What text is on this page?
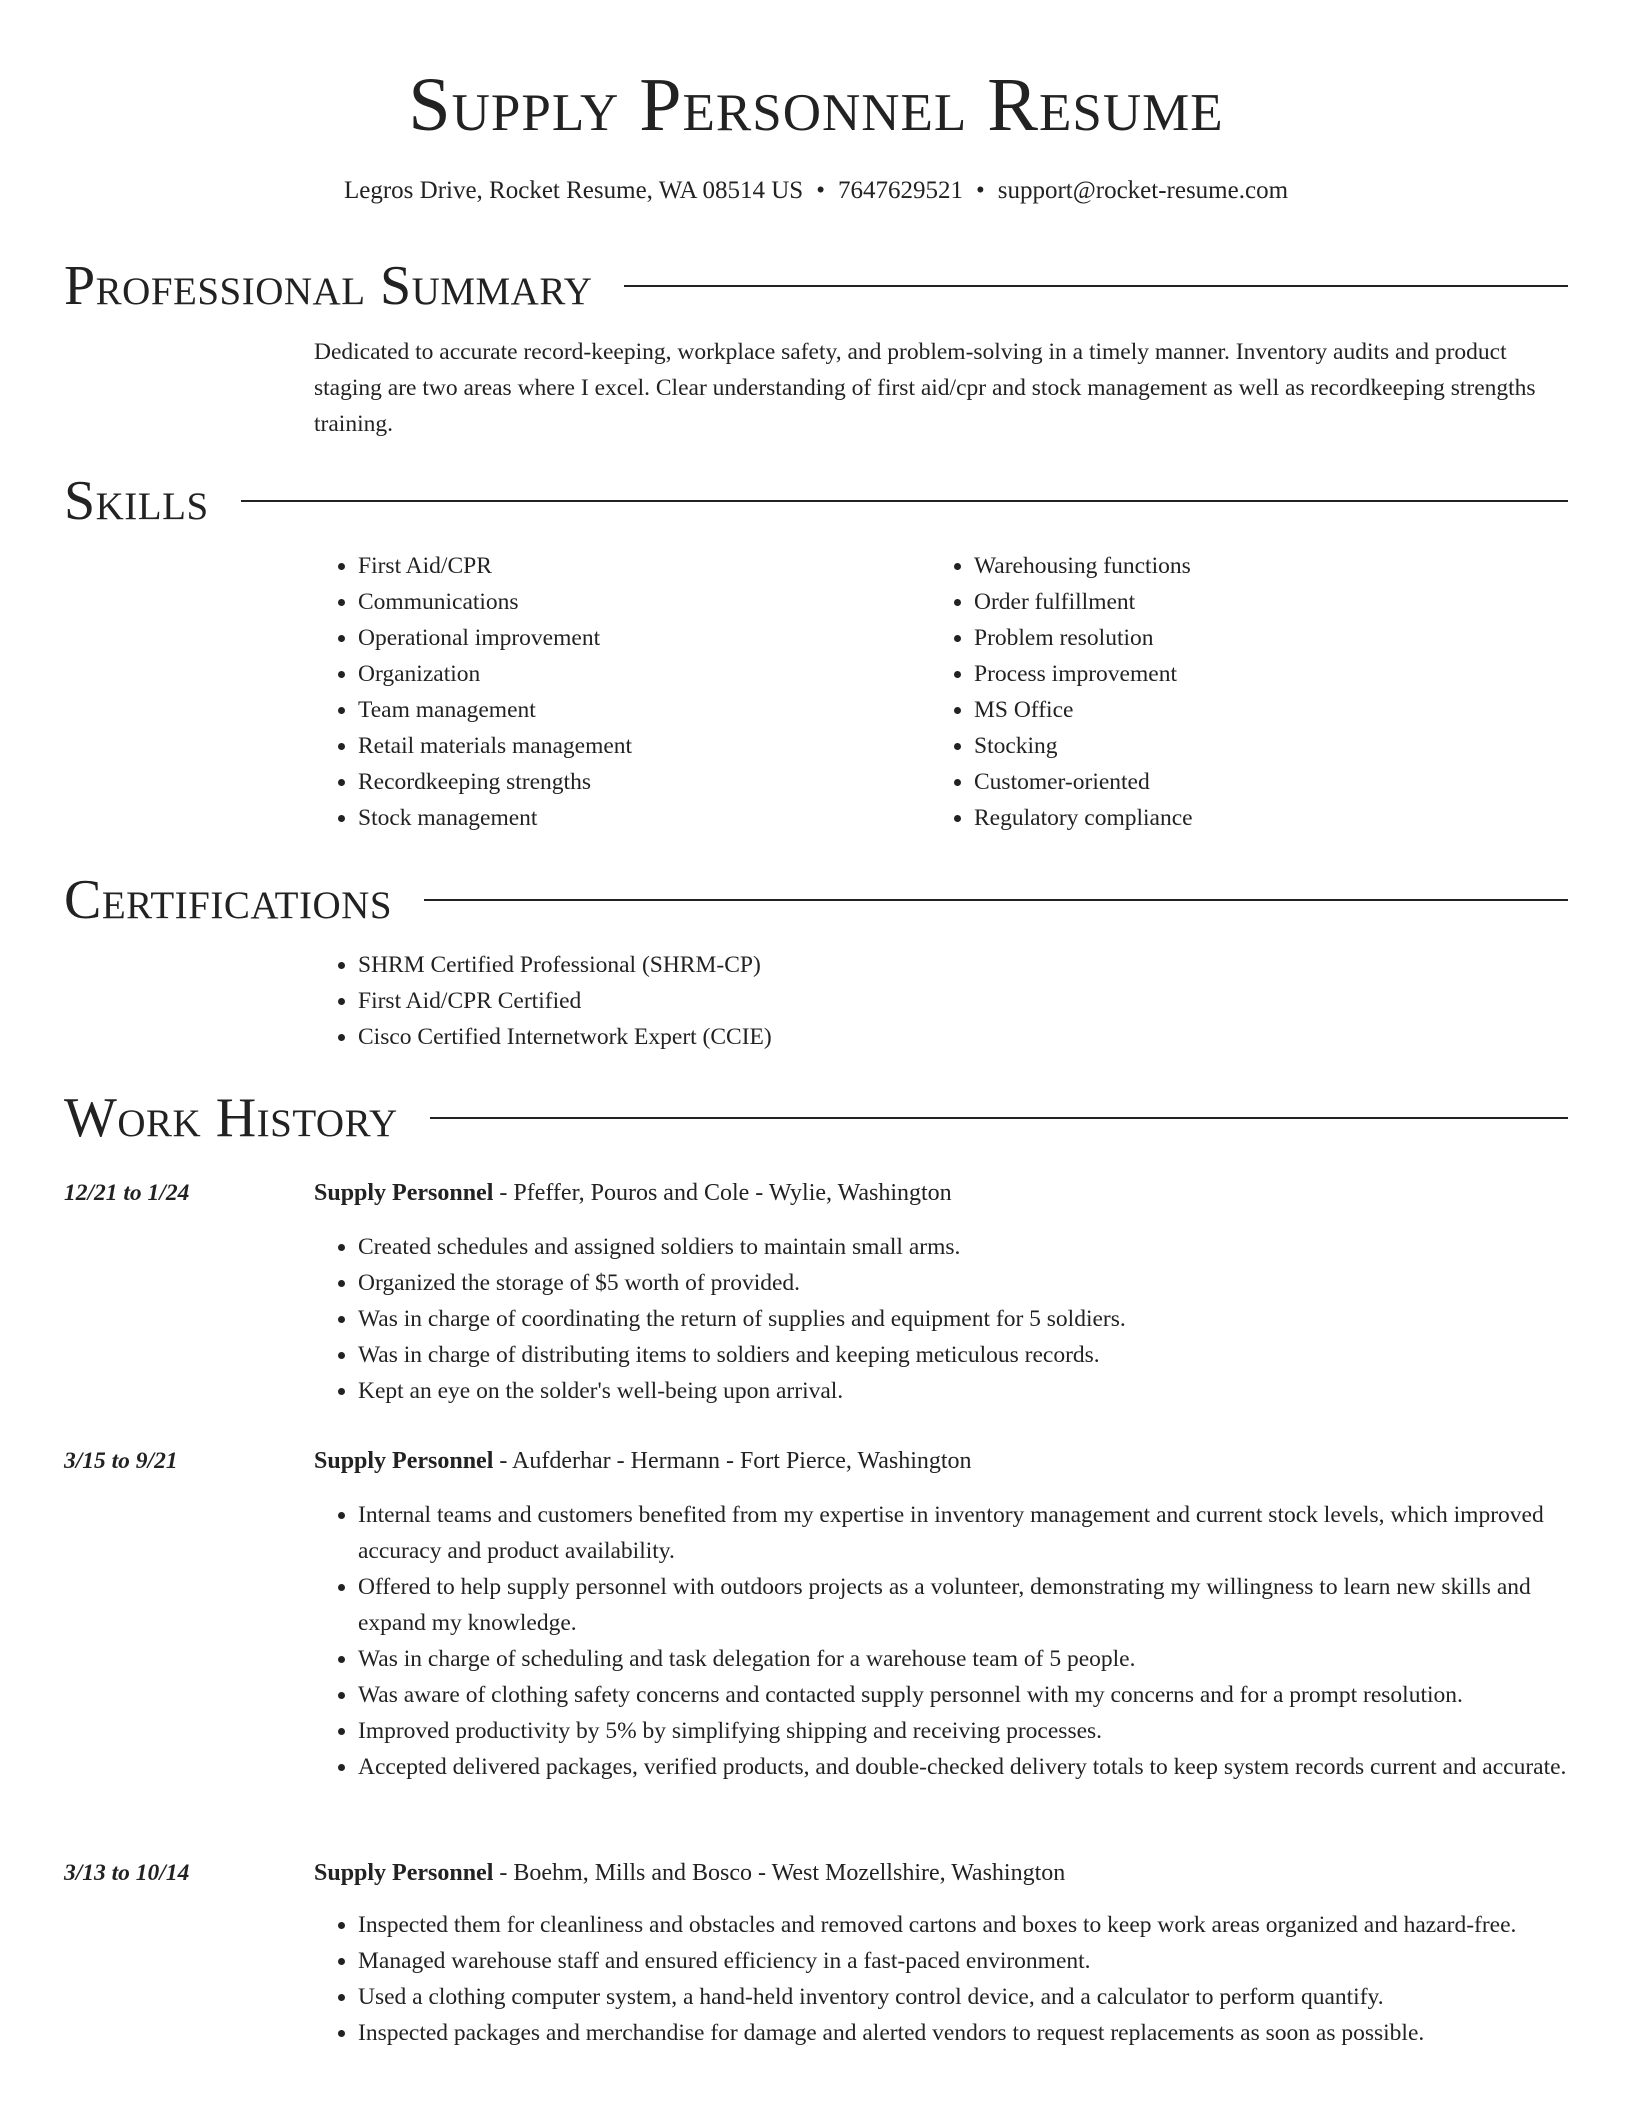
Supply Personnel Resume
Legros Drive, Rocket Resume, WA 08514 US • 7647629521 • support@rocket-resume.com
Professional Summary
Dedicated to accurate record-keeping, workplace safety, and problem-solving in a timely manner. Inventory audits and product staging are two areas where I excel. Clear understanding of first aid/cpr and stock management as well as recordkeeping strengths training.
Skills
• First Aid/CPR
• Communications
• Operational improvement
• Organization
• Team management
• Retail materials management
• Recordkeeping strengths
• Stock management
• Warehousing functions
• Order fulfillment
• Problem resolution
• Process improvement
• MS Office
• Stocking
• Customer-oriented
• Regulatory compliance
Certifications
• SHRM Certified Professional (SHRM-CP)
• First Aid/CPR Certified
• Cisco Certified Internetwork Expert (CCIE)
Work History
12/21 to 1/24	Supply Personnel - Pfeffer, Pouros and Cole - Wylie, Washington
• Created schedules and assigned soldiers to maintain small arms.
• Organized the storage of $5 worth of provided.
• Was in charge of coordinating the return of supplies and equipment for 5 soldiers.
• Was in charge of distributing items to soldiers and keeping meticulous records.
• Kept an eye on the solder's well-being upon arrival.
3/15 to 9/21	Supply Personnel - Aufderhar - Hermann - Fort Pierce, Washington
• Internal teams and customers benefited from my expertise in inventory management and current stock levels, which improved accuracy and product availability.
• Offered to help supply personnel with outdoors projects as a volunteer, demonstrating my willingness to learn new skills and expand my knowledge.
• Was in charge of scheduling and task delegation for a warehouse team of 5 people.
• Was aware of clothing safety concerns and contacted supply personnel with my concerns and for a prompt resolution.
• Improved productivity by 5% by simplifying shipping and receiving processes.
• Accepted delivered packages, verified products, and double-checked delivery totals to keep system records current and accurate.
3/13 to 10/14	Supply Personnel - Boehm, Mills and Bosco - West Mozellshire, Washington
• Inspected them for cleanliness and obstacles and removed cartons and boxes to keep work areas organized and hazard-free.
• Managed warehouse staff and ensured efficiency in a fast-paced environment.
• Used a clothing computer system, a hand-held inventory control device, and a calculator to perform quantify.
• Inspected packages and merchandise for damage and alerted vendors to request replacements as soon as possible.
